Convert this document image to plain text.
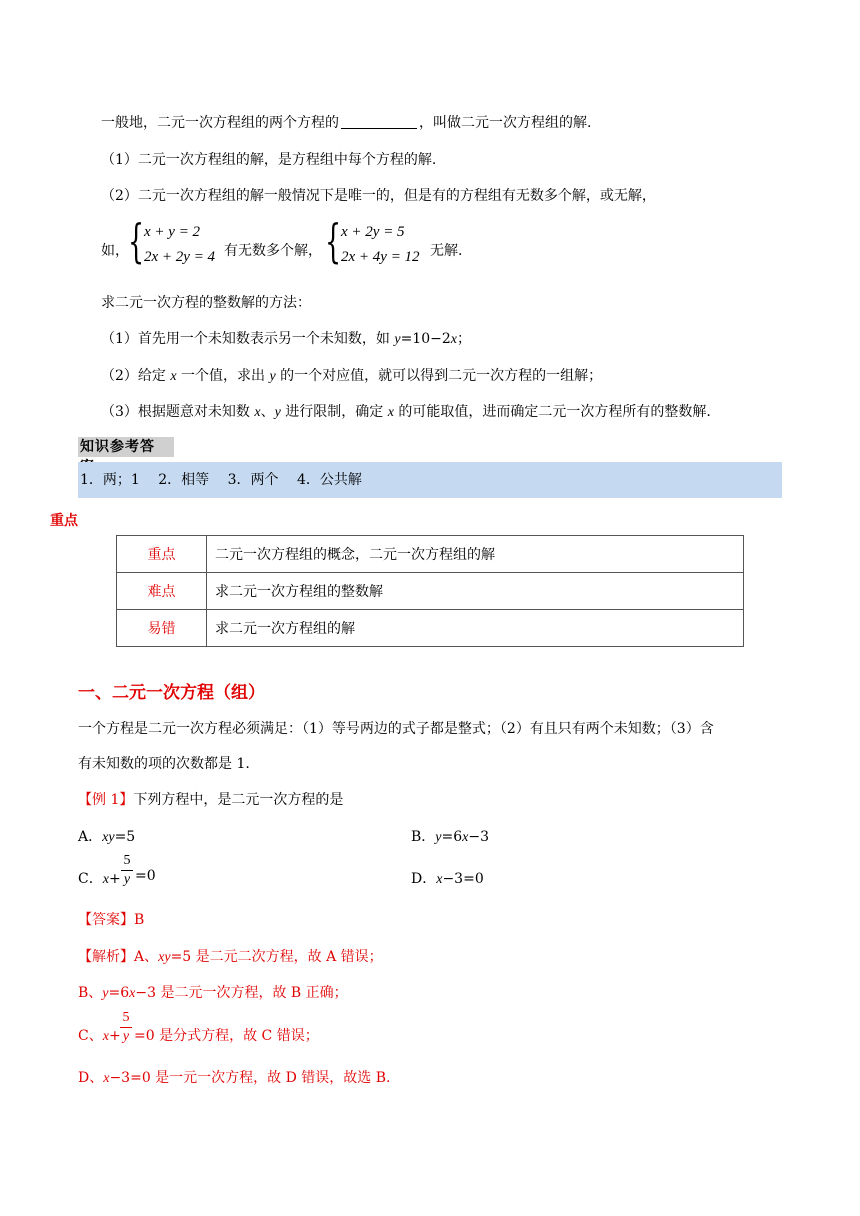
一般地，二元一次方程组的两个方程的	，叫做二元一次方程组的解.
（1）二元一次方程组的解，是方程组中每个方程的解.
（2）二元一次方程组的解一般情况下是唯一的，但是有的方程组有无数多个解，或无解，
如， { x + y = 2
2x + 2y = 4 有无数多个解， { x + 2y = 5
2x + 4y = 12 无解.
求二元一次方程的整数解的方法：
（1）首先用一个未知数表示另一个未知数，如 y=10−2x；
（2）给定 x 一个值，求出 y 的一个对应值，就可以得到二元一次方程的一组解；
（3）根据题意对未知数 x、y 进行限制，确定 x 的可能取值，进而确定二元一次方程所有的整数解.
知识参考答
1．两；1　 2．相等　 3．两个　 4．公共解
重点
重点	二元一次方程组的概念，二元一次方程组的解
难点	求二元一次方程组的整数解
易错	求二元一次方程组的解
一、二元一次方程（组）
一个方程是二元一次方程必须满足：（1）等号两边的式子都是整式；（2）有且只有两个未知数；（3）含
有未知数的项的次数都是 1.
【例 1】下列方程中，是二元一次方程的是
A．xy=5	B．y=6x−3
C．x+
5
y =0	D．x−3=0
【答案】B
【解析】A、xy=5 是二元二次方程，故 A 错误；
B、y=6x−3 是二元一次方程，故 B 正确；
C、x+
5
y =0 是分式方程，故 C 错误；
D、x−3=0 是一元一次方程，故 D 错误，故选 B.
